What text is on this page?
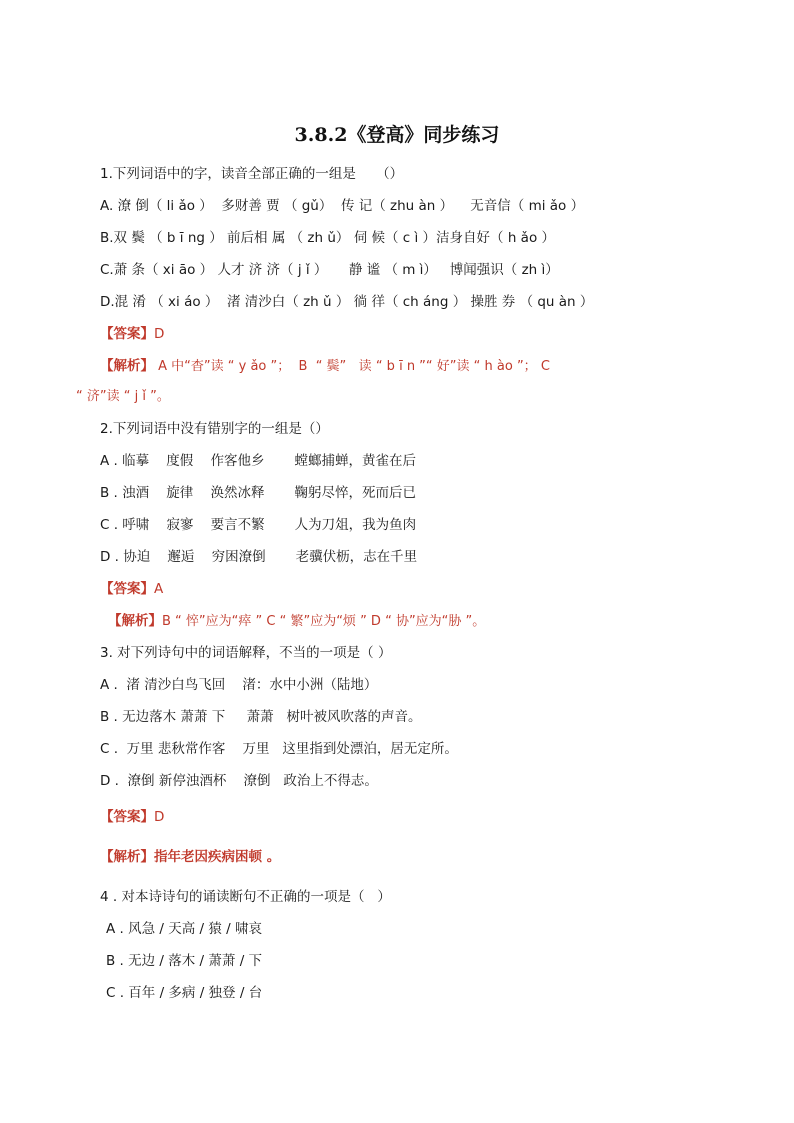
3.8.2《登高》同步练习
1.下列词语中的字，读音全部正确的一组是　　（）
A. 潦 倒（ li ǎo ）  多财善 贾 （ gǔ）  传 记（ zhu àn ）    无音信（ mi ǎo ）
B.双 鬓 （ b ī ng ） 前后相 属 （ zh ǔ） 伺 候（ c ì ）洁身自好（ h ǎo ）
C.萧 条（ xi āo ） 人才 济 济（ j ǐ ）     静 谧 （ m ì）   博闻强识（ zh ì）
D.混 淆 （ xi áo ）  渚 清沙白（ zh ǔ ） 徜 徉（ ch áng ） 操胜 券 （ qu àn ）
【答案】D
【解析】 A 中“杳”读 “ y ǎo ”；  B  “ 鬓”   读 “ b ī n ”“ 好”读 “ h ào ”； C
“ 济”读 “ j ǐ ”。
2.下列词语中没有错别字的一组是（）
A . 临摹    度假    作客他乡       螳螂捕蝉，黄雀在后
B . 浊酒    旋律    涣然冰释       鞠躬尽悴，死而后已
C . 呼啸    寂寥    要言不繁       人为刀俎，我为鱼肉
D . 协迫    邂逅    穷困潦倒       老骥伏枥，志在千里
【答案】A
【解析】B “ 悴”应为“瘁 ” C “ 繁”应为“烦 ” D “ 协”应为“胁 ”。
3. 对下列诗句中的词语解释，不当的一项是（ ）
A .  渚 清沙白鸟飞回    渚：水中小洲（陆地）
B . 无边落木 萧萧 下     萧萧   树叶被风吹落的声音。
C .  万里 悲秋常作客    万里   这里指到处漂泊，居无定所。
D .  潦倒 新停浊酒杯    潦倒   政治上不得志。
【答案】D
【解析】指年老因疾病困顿 。
4 . 对本诗诗句的诵读断句不正确的一项是（   ）
A . 风急 / 天高 / 猿 / 啸哀
B . 无边 / 落木 / 萧萧 / 下
C . 百年 / 多病 / 独登 / 台
